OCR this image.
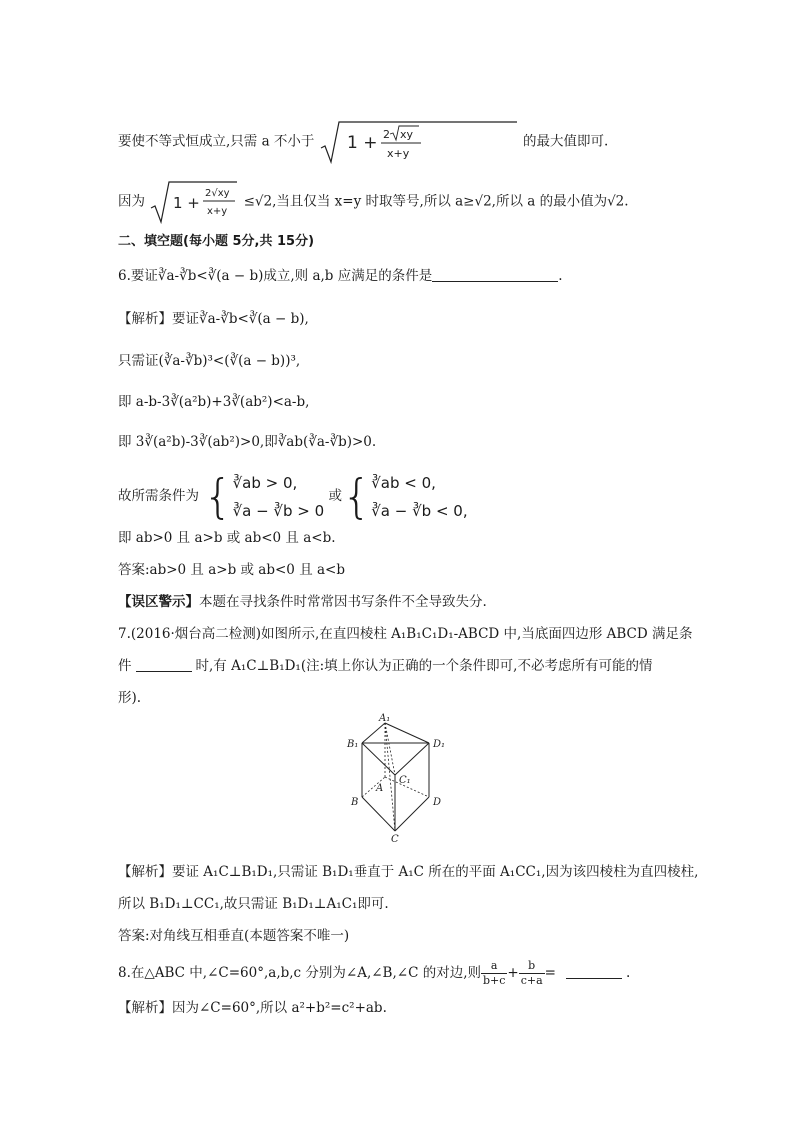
要使不等式恒成立,只需 a 不小于 1 + 2 xy
x+y
的最大值即可.
因为 1 +
2√xy
x+y
≤√2,当且仅当 x=y 时取等号,所以 a≥√2,所以 a 的最小值为√2.
二、填空题(每小题 5分,共 15分)
6.要证∛a-∛b<∛(a − b)成立,则 a,b 应满足的条件是	.
【解析】要证∛a-∛b<∛(a − b),
只需证(∛a-∛b)³<(∛(a − b))³,
即 a-b-3∛(a²b)+3∛(ab²)<a-b,
即 3∛(a²b)-3∛(ab²)>0,即∛ab(∛a-∛b)>0.
故所需条件为 { ∛ab > 0,
∛a − ∛b > 0
或{ ∛ab < 0,
∛a − ∛b < 0,
即 ab>0 且 a>b 或 ab<0 且 a<b.
答案:ab>0 且 a>b 或 ab<0 且 a<b
【误区警示】本题在寻找条件时常常因书写条件不全导致失分.
7.(2016·烟台高二检测)如图所示,在直四棱柱 A₁B₁C₁D₁-ABCD 中,当底面四边形 ABCD 满足条
件	时,有 A₁C⊥B₁D₁(注:填上你认为正确的一个条件即可,不必考虑所有可能的情
形).
A₁
B₁	D₁
C₁
A
B	D
C
【解析】要证 A₁C⊥B₁D₁,只需证 B₁D₁垂直于 A₁C 所在的平面 A₁CC₁,因为该四棱柱为直四棱柱,
所以 B₁D₁⊥CC₁,故只需证 B₁D₁⊥A₁C₁即可.
答案:对角线互相垂直(本题答案不唯一)
8.在△ABC 中,∠C=60°,a,b,c 分别为∠A,∠B,∠C 的对边,则 $\frac{a}{b+c} + \frac{b}{c+a}$ =	.
【解析】因为∠C=60°,所以 a²+b²=c²+ab.
